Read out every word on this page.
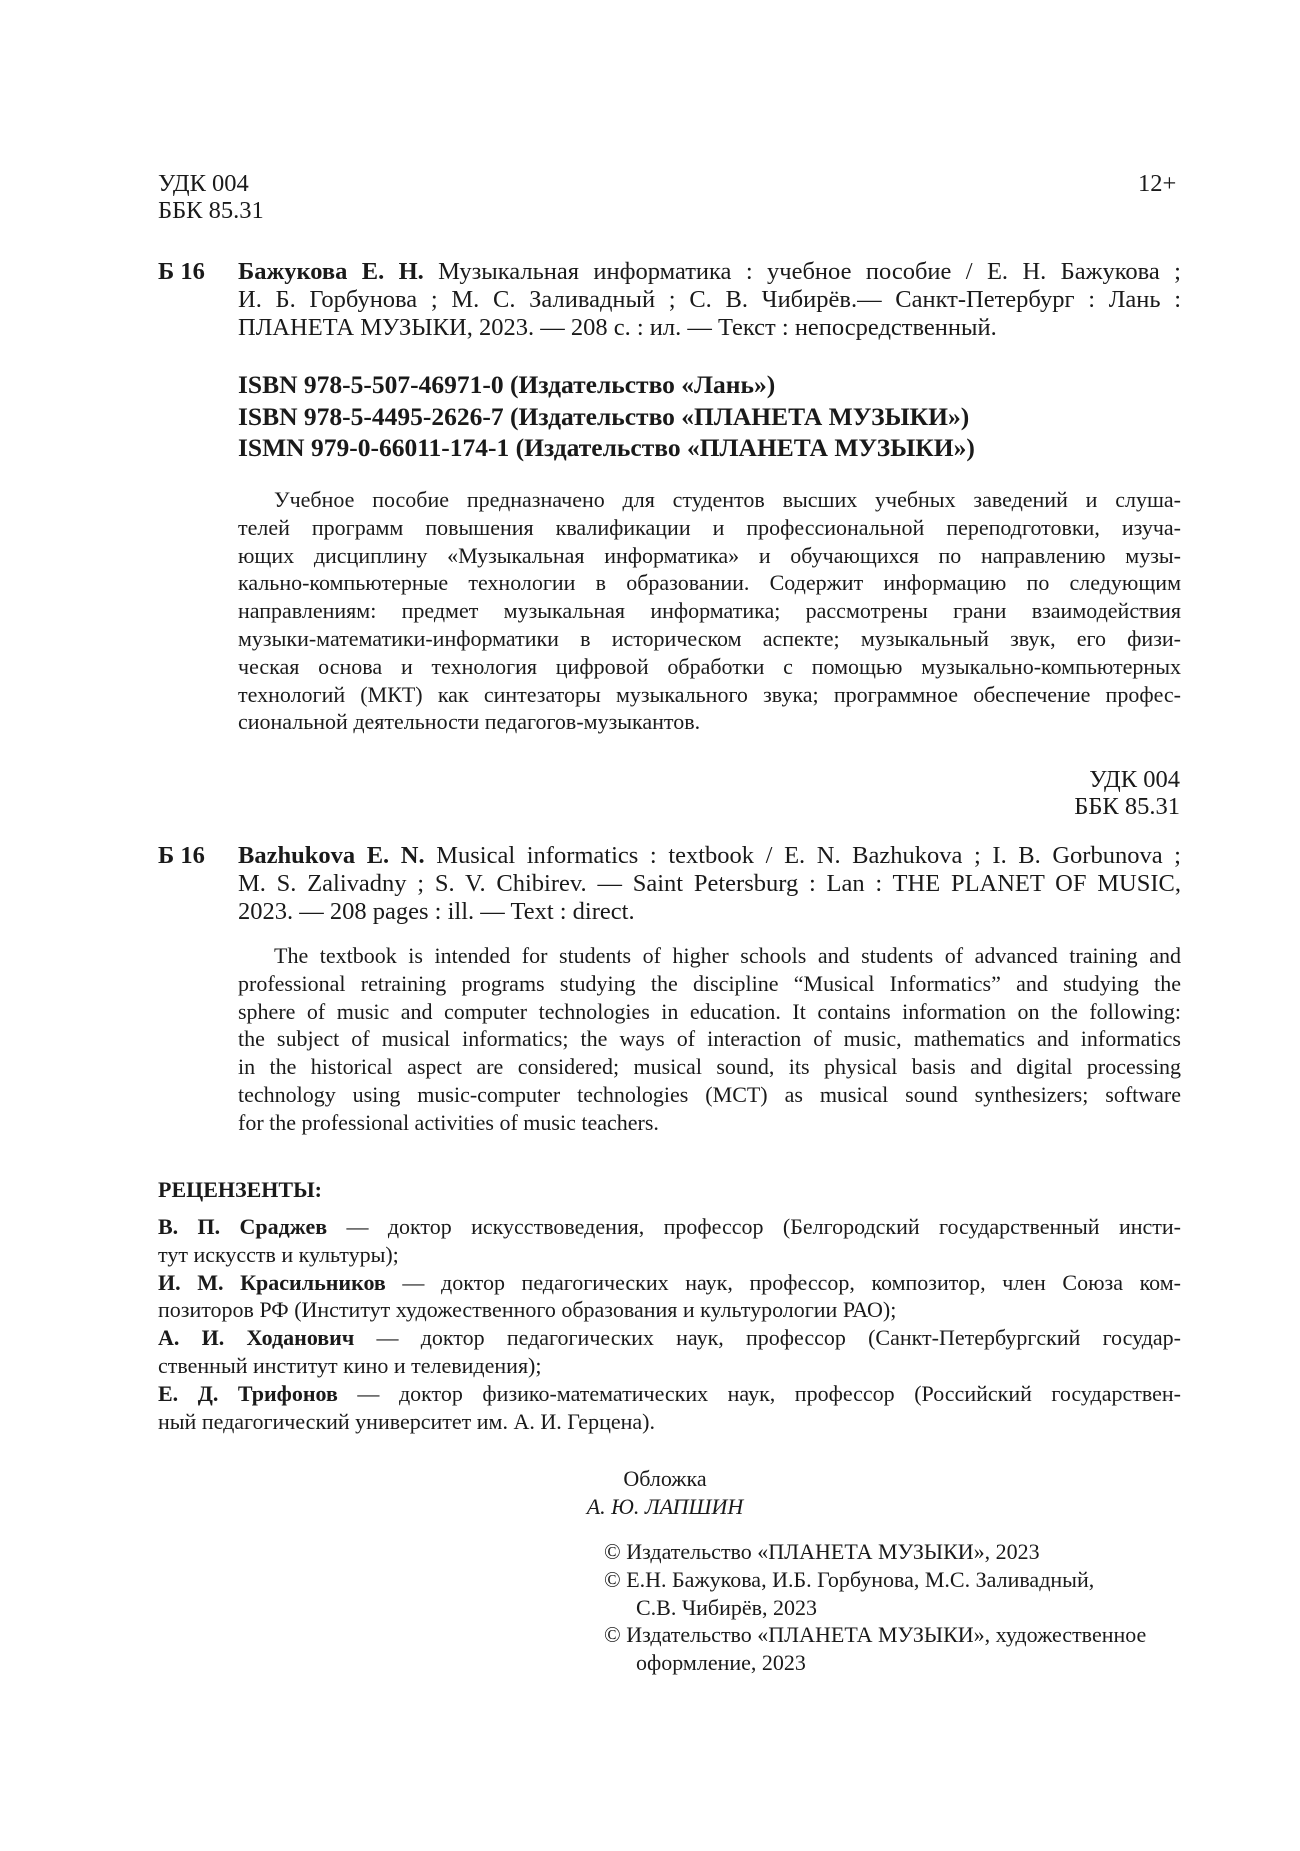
УДК 004
ББК 85.31
12+
Б 16 Бажукова Е. Н. Музыкальная информатика : учебное пособие / Е. Н. Бажукова ;
И. Б. Горбунова ; М. С. Заливадный ; С. В. Чибирёв.— Санкт-Петербург : Лань :
ПЛАНЕТА МУЗЫКИ, 2023. — 208 с. : ил. — Текст : непосредственный.
ISBN 978-5-507-46971-0 (Издательство «Лань»)
ISBN 978-5-4495-2626-7 (Издательство «ПЛАНЕТА МУЗЫКИ»)
ISMN 979-0-66011-174-1 (Издательство «ПЛАНЕТА МУЗЫКИ»)
Учебное пособие предназначено для студентов высших учебных заведений и слуша-
телей программ повышения квалификации и профессиональной переподготовки, изуча-
ющих дисциплину «Музыкальная информатика» и обучающихся по направлению музы-
кально-компьютерные технологии в образовании. Содержит информацию по следующим
направлениям: предмет музыкальная информатика; рассмотрены грани взаимодействия
музыки-математики-информатики в историческом аспекте; музыкальный звук, его физи-
ческая основа и технология цифровой обработки с помощью музыкально-компьютерных
технологий (МКТ) как синтезаторы музыкального звука; программное обеспечение профес-
сиональной деятельности педагогов-музыкантов.
УДК 004
ББК 85.31
Б 16 Bazhukova E. N. Musical informatics : textbook / E. N. Bazhukova ; I. B. Gorbunova ;
M. S. Zalivadny ; S. V. Chibirev. — Saint Petersburg : Lan : THE PLANET OF MUSIC,
2023. — 208 pages : ill. — Text : direct.
The textbook is intended for students of higher schools and students of advanced training and
professional retraining programs studying the discipline “Musical Informatics” and studying the
sphere of music and computer technologies in education. It contains information on the following:
the subject of musical informatics; the ways of interaction of music, mathematics and informatics
in the historical aspect are considered; musical sound, its physical basis and digital processing
technology using music-computer technologies (MCT) as musical sound synthesizers; software
for the professional activities of music teachers.
РЕЦЕНЗЕНТЫ:
В. П. Сраджев — доктор искусствоведения, профессор (Белгородский государственный инсти-
тут искусств и культуры);
И. М. Красильников — доктор педагогических наук, профессор, композитор, член Союза ком-
позиторов РФ (Институт художественного образования и культурологии РАО);
А. И. Ходанович — доктор педагогических наук, профессор (Санкт-Петербургский государ-
ственный институт кино и телевидения);
Е. Д. Трифонов — доктор физико-математических наук, профессор (Российский государствен-
ный педагогический университет им. А. И. Герцена).
Обложка
А. Ю. ЛАПШИН
© Издательство «ПЛАНЕТА МУЗЫКИ», 2023
© Е.Н. Бажукова, И.Б. Горбунова, М.С. Заливадный,
С.В. Чибирёв, 2023
© Издательство «ПЛАНЕТА МУЗЫКИ», художественное
оформление, 2023
